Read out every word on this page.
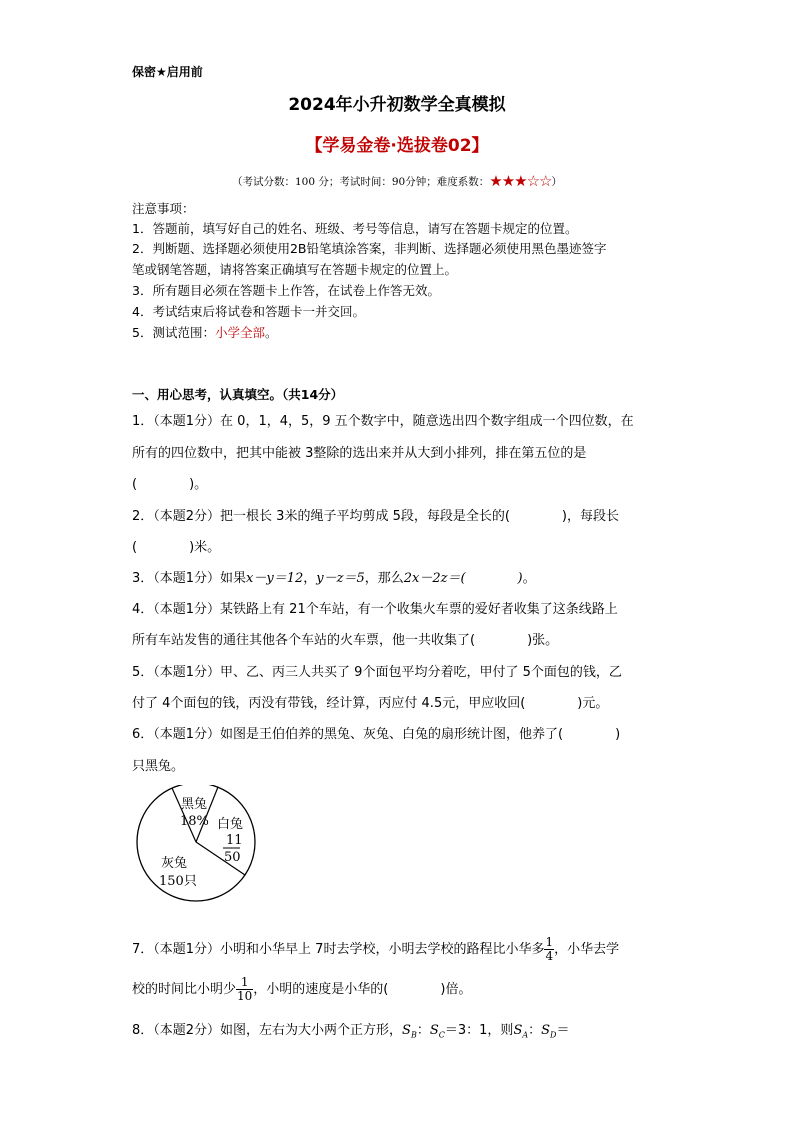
保密★启用前
2024年小升初数学全真模拟
【学易金卷·选拔卷02】
（考试分数：100 分；考试时间：90分钟；难度系数：★★★☆☆）
注意事项：
1．答题前，填写好自己的姓名、班级、考号等信息，请写在答题卡规定的位置。
2．判断题、选择题必须使用2B铅笔填涂答案，非判断、选择题必须使用黑色墨迹签字
笔或钢笔答题，请将答案正确填写在答题卡规定的位置上。
3．所有题目必须在答题卡上作答，在试卷上作答无效。
4．考试结束后将试卷和答题卡一并交回。
5．测试范围：小学全部。
一、用心思考，认真填空。（共14分）
1．（本题1分）在 0，1，4，5，9 五个数字中，随意选出四个数字组成一个四位数，在
所有的四位数中，把其中能被 3整除的选出来并从大到小排列，排在第五位的是
(　　　　)。
2．（本题2分）把一根长 3米的绳子平均剪成 5段，每段是全长的(　　　　)，每段长
(　　　　)米。
3．（本题1分）如果x－y＝12，y－z＝5，那么2x－2z＝(　　　　)。
4．（本题1分）某铁路上有 21个车站，有一个收集火车票的爱好者收集了这条线路上
所有车站发售的通往其他各个车站的火车票，他一共收集了(　　　　)张。
5．（本题1分）甲、乙、丙三人共买了 9个面包平均分着吃，甲付了 5个面包的钱，乙
付了 4个面包的钱，丙没有带钱，经计算，丙应付 4.5元，甲应收回(　　　　)元。
6．（本题1分）如图是王伯伯养的黑兔、灰兔、白兔的扇形统计图，他养了(　　　　)
只黑兔。
黑兔
18% 白兔
11
50
灰兔
150只
7．（本题1分）小明和小华早上 7时去学校，小明去学校的路程比小华多 $\frac{1}{4}$ ，小华去学
校的时间比小明少 $\frac{1}{10}$ ，小明的速度是小华的(　　　　)倍。
8．（本题2分）如图，左右为大小两个正方形，$S_B$：$S_C=3$：1，则$S_A$：$S_D=$
